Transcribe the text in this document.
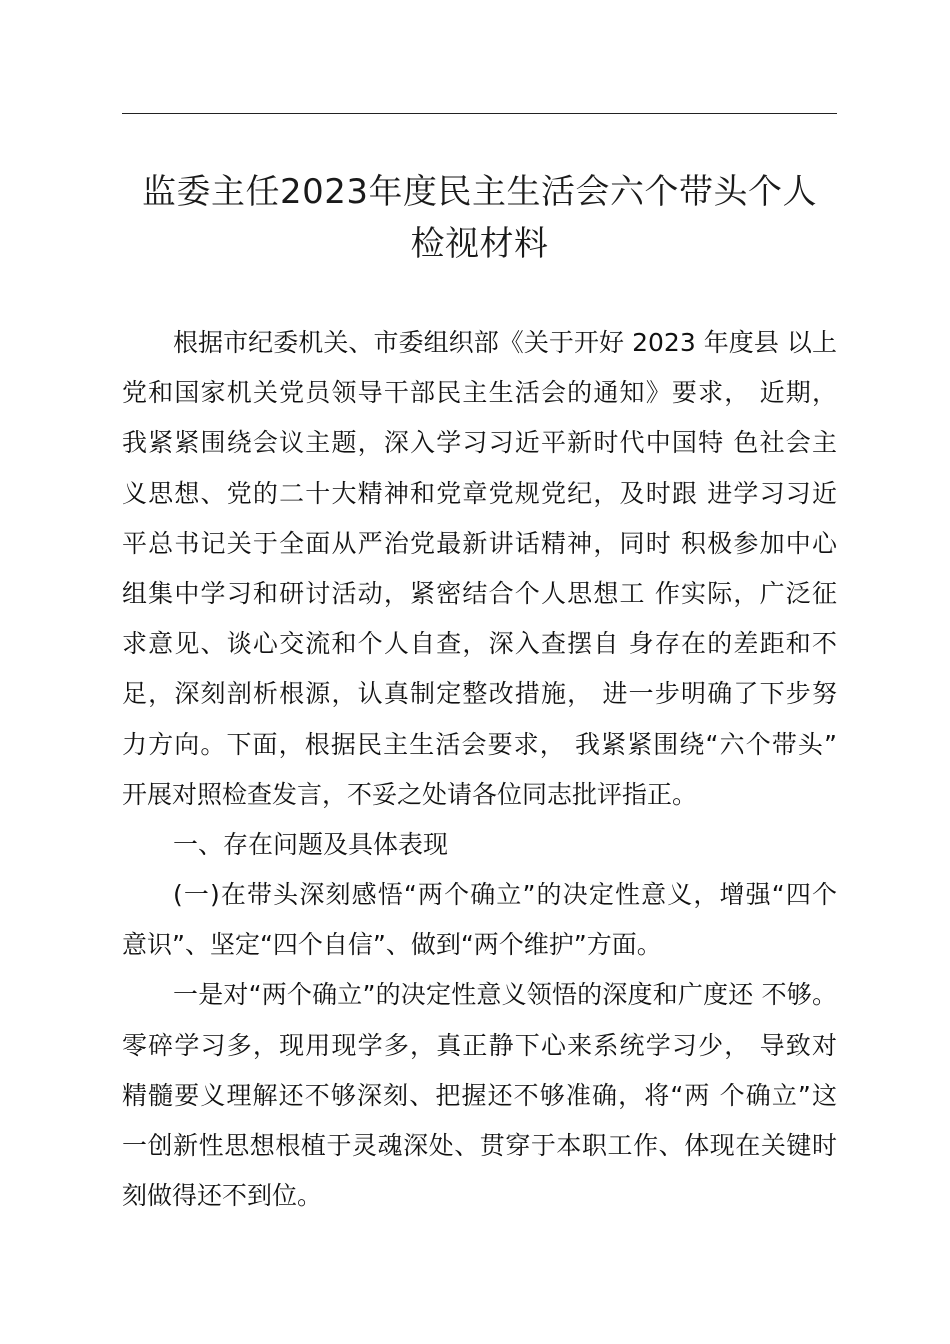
监委主任2023年度民主生活会六个带头个人
检视材料
根据市纪委机关、市委组织部《关于开好 2023 年度县 以上
党和国家机关党员领导干部民主生活会的通知》要求， 近期，
我紧紧围绕会议主题，深入学习习近平新时代中国特 色社会主
义思想、党的二十大精神和党章党规党纪，及时跟 进学习习近
平总书记关于全面从严治党最新讲话精神，同时 积极参加中心
组集中学习和研讨活动，紧密结合个人思想工 作实际，广泛征
求意见、谈心交流和个人自查，深入查摆自 身存在的差距和不
足，深刻剖析根源，认真制定整改措施， 进一步明确了下步努
力方向。下面，根据民主生活会要求， 我紧紧围绕“六个带头”
开展对照检查发言，不妥之处请各位同志批评指正。
一、存在问题及具体表现
(一)在带头深刻感悟“两个确立”的决定性意义，增强“四个
意识”、坚定“四个自信”、做到“两个维护”方面。
一是对“两个确立”的决定性意义领悟的深度和广度还 不够。
零碎学习多，现用现学多，真正静下心来系统学习少， 导致对
精髓要义理解还不够深刻、把握还不够准确，将“两 个确立”这
一创新性思想根植于灵魂深处、贯穿于本职工作、体现在关键时
刻做得还不到位。
